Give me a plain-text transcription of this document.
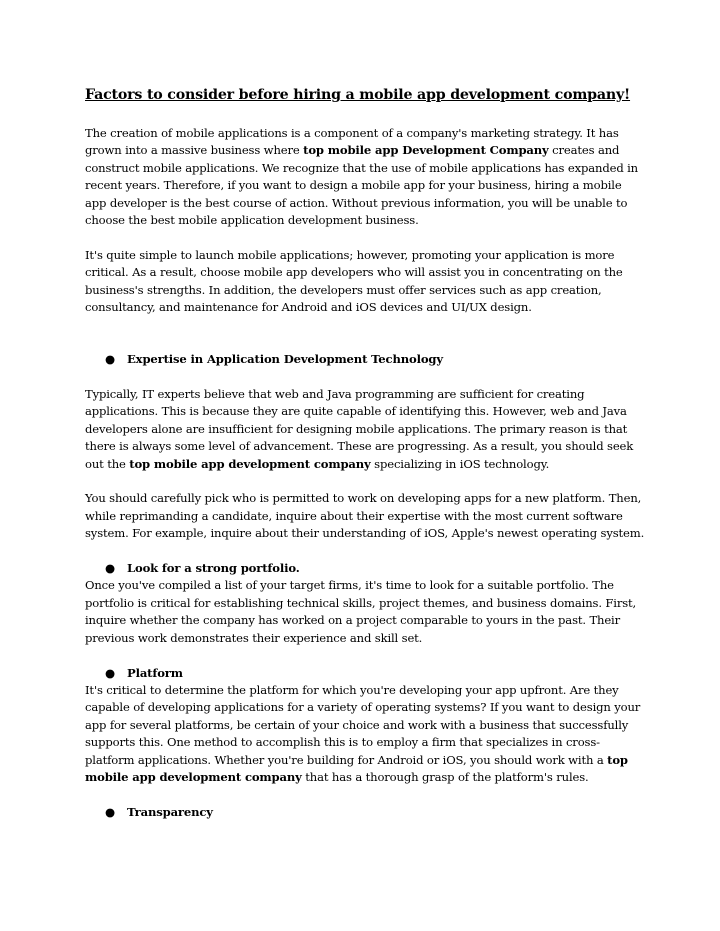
Factors to consider before hiring a mobile app development company!

The creation of mobile applications is a component of a company's marketing strategy. It has grown into a massive business where top mobile app Development Company creates and construct mobile applications. We recognize that the use of mobile applications has expanded in recent years. Therefore, if you want to design a mobile app for your business, hiring a mobile app developer is the best course of action. Without previous information, you will be unable to choose the best mobile application development business.

It's quite simple to launch mobile applications; however, promoting your application is more critical. As a result, choose mobile app developers who will assist you in concentrating on the business's strengths. In addition, the developers must offer services such as app creation, consultancy, and maintenance for Android and iOS devices and UI/UX design.

● Expertise in Application Development Technology

Typically, IT experts believe that web and Java programming are sufficient for creating applications. This is because they are quite capable of identifying this. However, web and Java developers alone are insufficient for designing mobile applications. The primary reason is that there is always some level of advancement. These are progressing. As a result, you should seek out the top mobile app development company specializing in iOS technology.

You should carefully pick who is permitted to work on developing apps for a new platform. Then, while reprimanding a candidate, inquire about their expertise with the most current software system. For example, inquire about their understanding of iOS, Apple's newest operating system.

● Look for a strong portfolio.

Once you've compiled a list of your target firms, it's time to look for a suitable portfolio. The portfolio is critical for establishing technical skills, project themes, and business domains. First, inquire whether the company has worked on a project comparable to yours in the past. Their previous work demonstrates their experience and skill set.

● Platform

It's critical to determine the platform for which you're developing your app upfront. Are they capable of developing applications for a variety of operating systems? If you want to design your app for several platforms, be certain of your choice and work with a business that successfully supports this. One method to accomplish this is to employ a firm that specializes in cross-platform applications. Whether you're building for Android or iOS, you should work with a top mobile app development company that has a thorough grasp of the platform's rules.

● Transparency
